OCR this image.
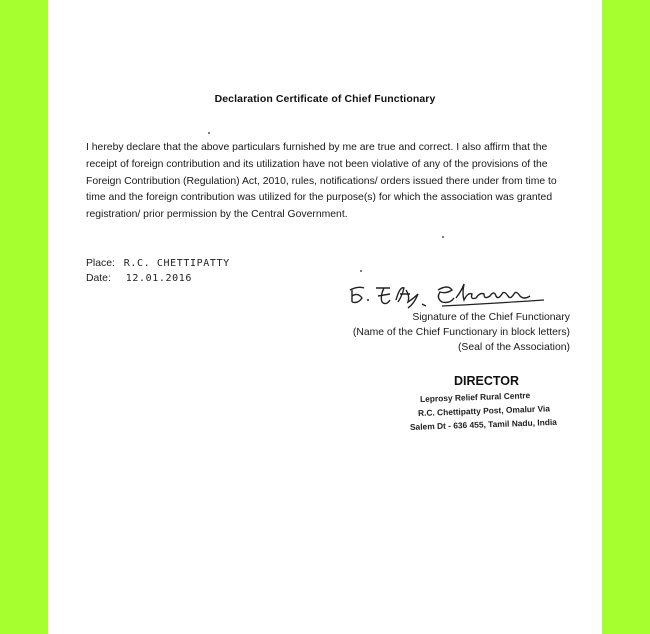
Declaration Certificate of Chief Functionary

I hereby declare that the above particulars furnished by me are true and correct. I also affirm that the receipt of foreign contribution and its utilization have not been violative of any of the provisions of the Foreign Contribution (Regulation) Act, 2010, rules, notifications/ orders issued there under from time to time and the foreign contribution was utilized for the purpose(s) for which the association was granted registration/ prior permission by the Central Government.

Place: R.C. CHETTIPATTY
Date: 12.01.2016
Signature of the Chief Functionary
(Name of the Chief Functionary in block letters)
(Seal of the Association)
DIRECTOR
Leprosy Relief Rural Centre
R.C. Chettipatty Post, Omalur Via
Salem Dt - 636 455, Tamil Nadu, India
